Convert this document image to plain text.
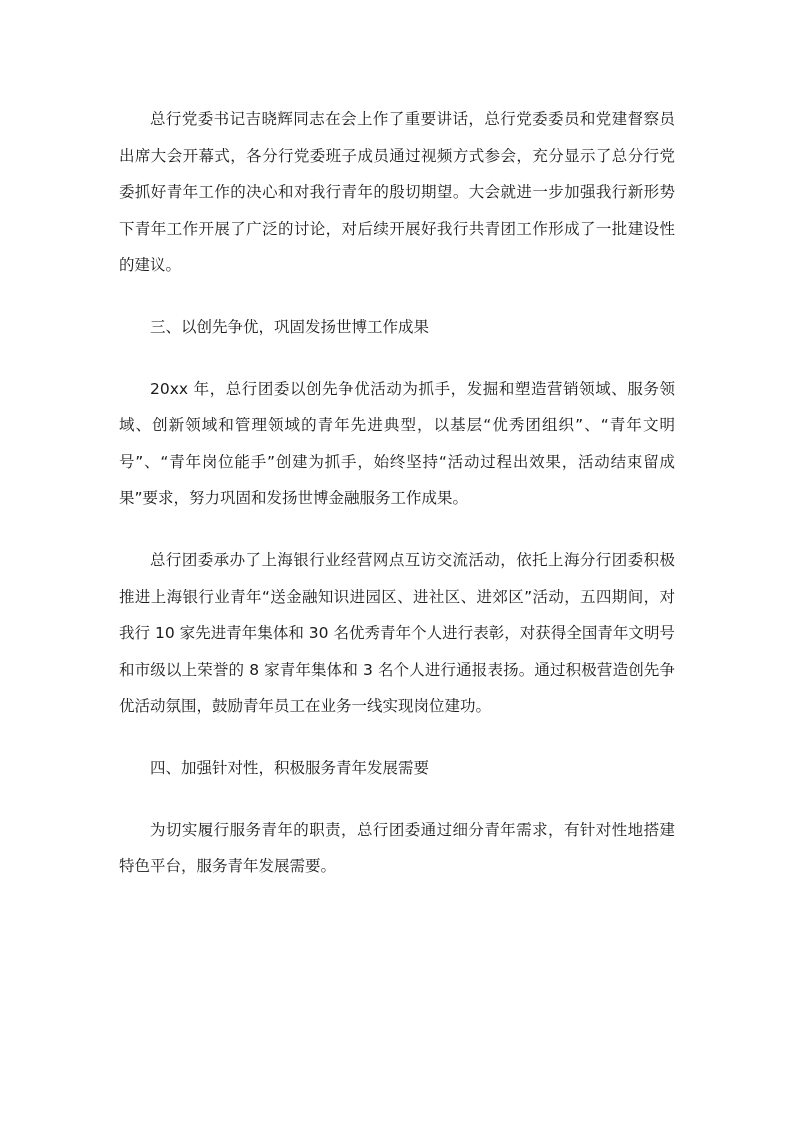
总行党委书记吉晓辉同志在会上作了重要讲话，总行党委委员和党建督察员出席大会开幕式，各分行党委班子成员通过视频方式参会，充分显示了总分行党委抓好青年工作的决心和对我行青年的殷切期望。大会就进一步加强我行新形势下青年工作开展了广泛的讨论，对后续开展好我行共青团工作形成了一批建设性的建议。

三、以创先争优，巩固发扬世博工作成果

20xx 年，总行团委以创先争优活动为抓手，发掘和塑造营销领域、服务领域、创新领域和管理领域的青年先进典型，以基层“优秀团组织”、“青年文明号”、“青年岗位能手”创建为抓手，始终坚持“活动过程出效果，活动结束留成果”要求，努力巩固和发扬世博金融服务工作成果。

总行团委承办了上海银行业经营网点互访交流活动，依托上海分行团委积极推进上海银行业青年“送金融知识进园区、进社区、进郊区”活动，五四期间，对我行 10 家先进青年集体和 30 名优秀青年个人进行表彰，对获得全国青年文明号和市级以上荣誉的 8 家青年集体和 3 名个人进行通报表扬。通过积极营造创先争优活动氛围，鼓励青年员工在业务一线实现岗位建功。

四、加强针对性，积极服务青年发展需要

为切实履行服务青年的职责，总行团委通过细分青年需求，有针对性地搭建特色平台，服务青年发展需要。
